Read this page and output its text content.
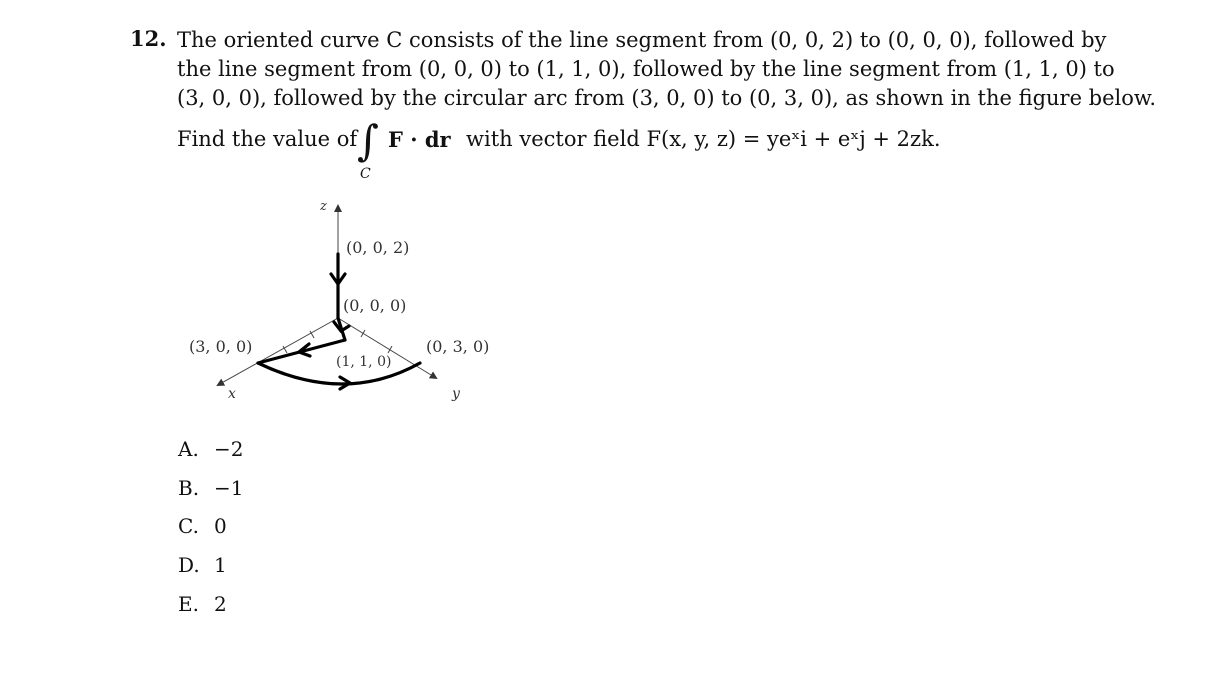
12. The oriented curve C consists of the line segment from (0, 0, 2) to (0, 0, 0), followed by
the line segment from (0, 0, 0) to (1, 1, 0), followed by the line segment from (1, 1, 0) to
(3, 0, 0), followed by the circular arc from (3, 0, 0) to (0, 3, 0), as shown in the figure below.
Find the value of ∫
C
F · dr with vector field F(x, y, z) = yeˣi + eˣj + 2zk.
z
x	y
(0, 0, 2)
(0, 0, 0)
(3, 0, 0)
(1, 1, 0)
(0, 3, 0)
A. −2
B. −1
C. 0
D. 1
E. 2
